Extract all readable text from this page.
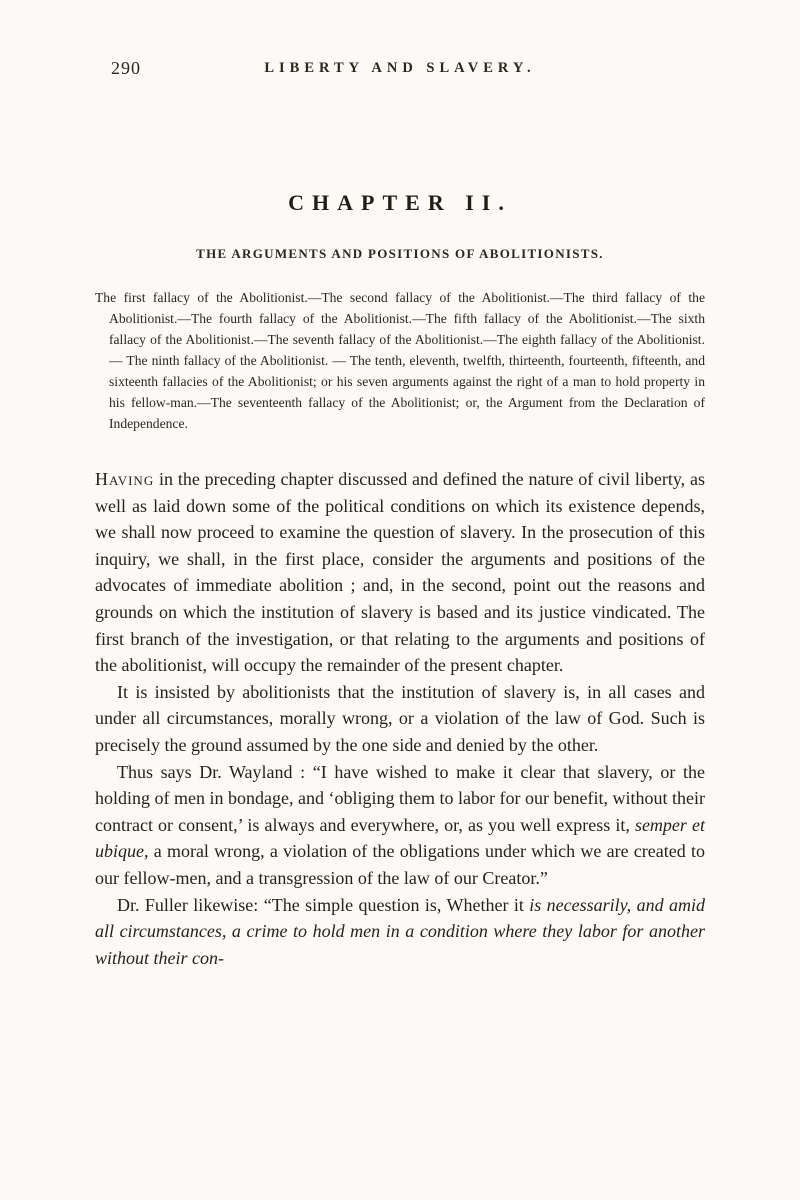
290	LIBERTY AND SLAVERY.
CHAPTER II.
THE ARGUMENTS AND POSITIONS OF ABOLITIONISTS.

The first fallacy of the Abolitionist.—The second fallacy of the Abolitionist.—The third fallacy of the Abolitionist.—The fourth fallacy of the Abolitionist.—The fifth fallacy of the Abolitionist.—The sixth fallacy of the Abolitionist.—The seventh fallacy of the Abolitionist.—The eighth fallacy of the Abolitionist. — The ninth fallacy of the Abolitionist. — The tenth, eleventh, twelfth, thirteenth, fourteenth, fifteenth, and sixteenth fallacies of the Abolitionist; or his seven arguments against the right of a man to hold property in his fellow-man.—The seventeenth fallacy of the Abolitionist; or, the Argument from the Declaration of Independence.

Having in the preceding chapter discussed and defined the nature of civil liberty, as well as laid down some of the political conditions on which its existence depends, we shall now proceed to examine the question of slavery. In the prosecution of this inquiry, we shall, in the first place, consider the arguments and positions of the advocates of immediate abolition ; and, in the second, point out the reasons and grounds on which the institution of slavery is based and its justice vindicated. The first branch of the investigation, or that relating to the arguments and positions of the abolitionist, will occupy the remainder of the present chapter.

It is insisted by abolitionists that the institution of slavery is, in all cases and under all circumstances, morally wrong, or a violation of the law of God. Such is precisely the ground assumed by the one side and denied by the other.

Thus says Dr. Wayland : “I have wished to make it clear that slavery, or the holding of men in bondage, and ‘obliging them to labor for our benefit, without their contract or consent,’ is always and everywhere, or, as you well express it, semper et ubique, a moral wrong, a violation of the obligations under which we are created to our fellow-men, and a transgression of the law of our Creator.”

Dr. Fuller likewise: “The simple question is, Whether it is necessarily, and amid all circumstances, a crime to hold men in a condition where they labor for another without their con-
